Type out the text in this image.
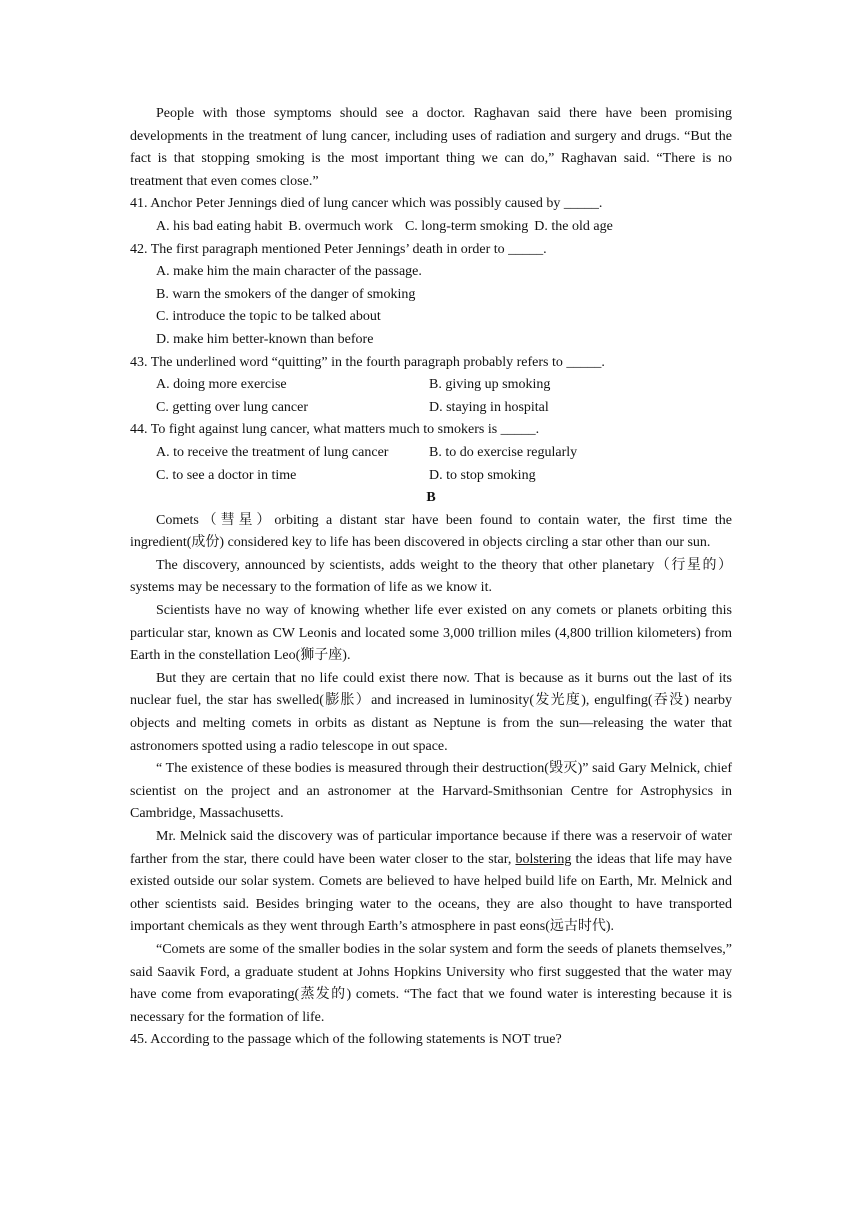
People with those symptoms should see a doctor. Raghavan said there have been promising developments in the treatment of lung cancer, including uses of radiation and surgery and drugs. “But the fact is that stopping smoking is the most important thing we can do,” Raghavan said. “There is no treatment that even comes close.”

41. Anchor Peter Jennings died of lung cancer which was possibly caused by _____.

A. his bad eating habit B. overmuch work C. long-term smoking D. the old age

42. The first paragraph mentioned Peter Jennings’ death in order to _____.

A. make him the main character of the passage.

B. warn the smokers of the danger of smoking

C. introduce the topic to be talked about

D. make him better-known than before

43. The underlined word “quitting” in the fourth paragraph probably refers to _____.

A. doing more exercise	B. giving up smoking
C. getting over lung cancer	D. staying in hospital

44. To fight against lung cancer, what matters much to smokers is _____.

A. to receive the treatment of lung cancer	B. to do exercise regularly
C. to see a doctor in time	D. to stop smoking

B

Comets（彗星）orbiting a distant star have been found to contain water, the first time the ingredient(成份) considered key to life has been discovered in objects circling a star other than our sun.

The discovery, announced by scientists, adds weight to the theory that other planetary（行星的）systems may be necessary to the formation of life as we know it.

Scientists have no way of knowing whether life ever existed on any comets or planets orbiting this particular star, known as CW Leonis and located some 3,000 trillion miles (4,800 trillion kilometers) from Earth in the constellation Leo(狮子座).

But they are certain that no life could exist there now. That is because as it burns out the last of its nuclear fuel, the star has swelled(膨胀）and increased in luminosity(发光度), engulfing(吞没) nearby objects and melting comets in orbits as distant as Neptune is from the sun—releasing the water that astronomers spotted using a radio telescope in out space.

“ The existence of these bodies is measured through their destruction(毁灭)” said Gary Melnick, chief scientist on the project and an astronomer at the Harvard-Smithsonian Centre for Astrophysics in Cambridge, Massachusetts.

Mr. Melnick said the discovery was of particular importance because if there was a reservoir of water farther from the star, there could have been water closer to the star, bolstering the ideas that life may have existed outside our solar system. Comets are believed to have helped build life on Earth, Mr. Melnick and other scientists said. Besides bringing water to the oceans, they are also thought to have transported important chemicals as they went through Earth’s atmosphere in past eons(远古时代).

“Comets are some of the smaller bodies in the solar system and form the seeds of planets themselves,” said Saavik Ford, a graduate student at Johns Hopkins University who first suggested that the water may have come from evaporating(蒸发的) comets. “The fact that we found water is interesting because it is necessary for the formation of life.

45. According to the passage which of the following statements is NOT true?
